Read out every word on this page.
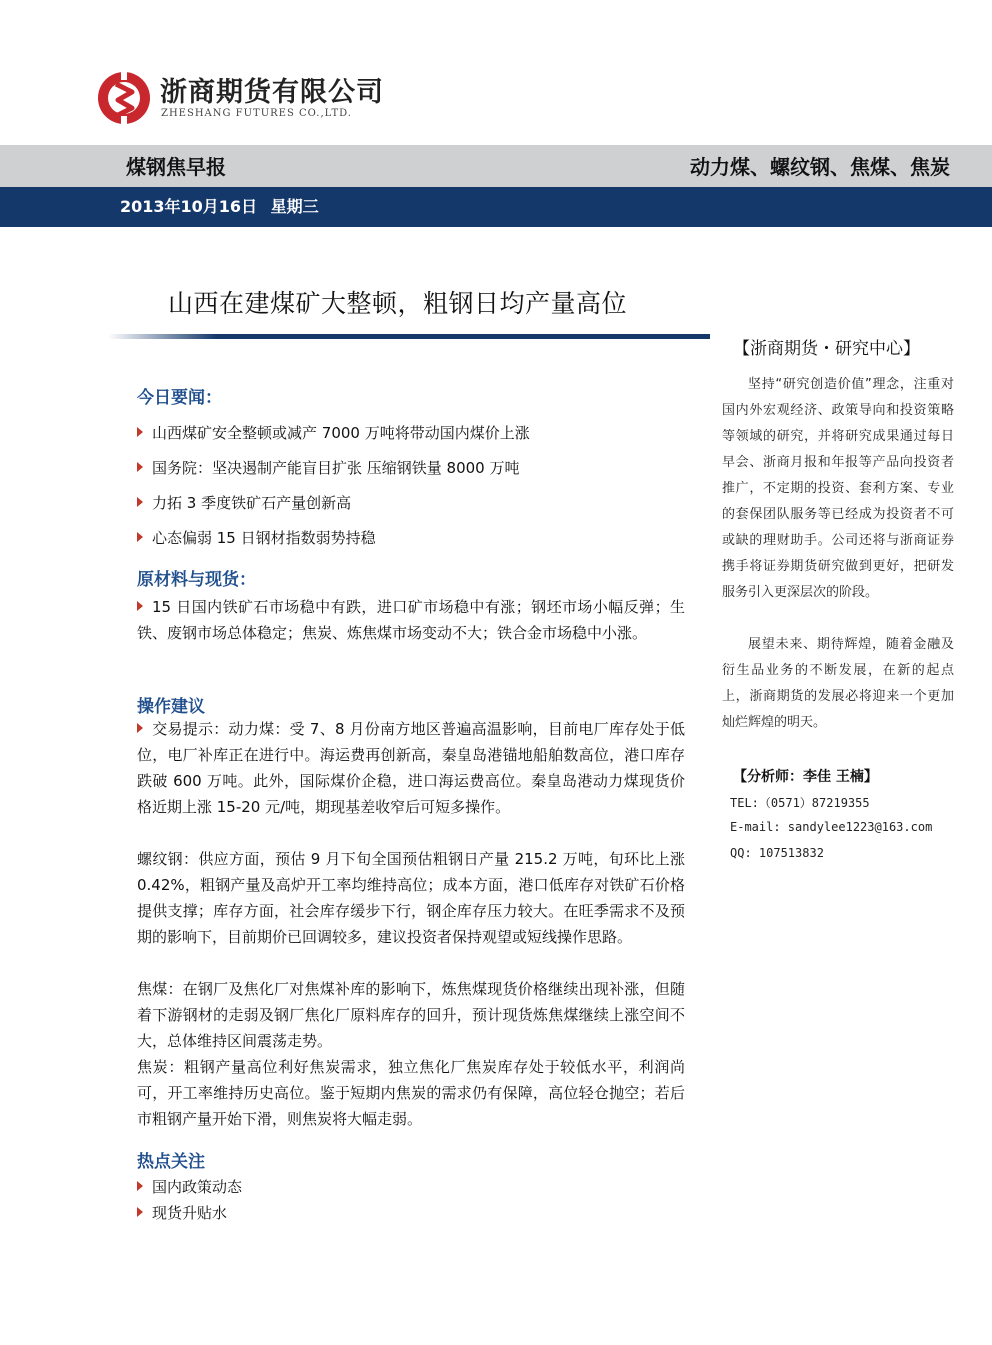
浙商期货有限公司
ZHESHANG FUTURES CO.,LTD.
煤钢焦早报	动力煤、螺纹钢、焦煤、焦炭
2013年10月16日 星期三
山西在建煤矿大整顿，粗钢日均产量高位
今日要闻：
山西煤矿安全整顿或减产 7000 万吨将带动国内煤价上涨
国务院：坚决遏制产能盲目扩张 压缩钢铁量 8000 万吨
力拓 3 季度铁矿石产量创新高
心态偏弱 15 日钢材指数弱势持稳
原材料与现货：
15 日国内铁矿石市场稳中有跌，进口矿市场稳中有涨；钢坯市场小幅反弹；生铁、废钢市场总体稳定；焦炭、炼焦煤市场变动不大；铁合金市场稳中小涨。
操作建议
交易提示：动力煤：受 7、8 月份南方地区普遍高温影响，目前电厂库存处于低位，电厂补库正在进行中。海运费再创新高，秦皇岛港锚地船舶数高位，港口库存跌破 600 万吨。此外，国际煤价企稳，进口海运费高位。秦皇岛港动力煤现货价格近期上涨 15-20 元/吨，期现基差收窄后可短多操作。
螺纹钢：供应方面，预估 9 月下旬全国预估粗钢日产量 215.2 万吨，旬环比上涨 0.42%，粗钢产量及高炉开工率均维持高位；成本方面，港口低库存对铁矿石价格提供支撑；库存方面，社会库存缓步下行，钢企库存压力较大。在旺季需求不及预期的影响下，目前期价已回调较多，建议投资者保持观望或短线操作思路。
焦煤：在钢厂及焦化厂对焦煤补库的影响下，炼焦煤现货价格继续出现补涨，但随着下游钢材的走弱及钢厂焦化厂原料库存的回升，预计现货炼焦煤继续上涨空间不大，总体维持区间震荡走势。
焦炭：粗钢产量高位利好焦炭需求，独立焦化厂焦炭库存处于较低水平，利润尚可，开工率维持历史高位。鉴于短期内焦炭的需求仍有保障，高位轻仓抛空；若后市粗钢产量开始下滑，则焦炭将大幅走弱。
热点关注
国内政策动态
现货升贴水
【浙商期货・研究中心】
坚持“研究创造价值”理念，注重对国内外宏观经济、政策导向和投资策略等领域的研究，并将研究成果通过每日早会、浙商月报和年报等产品向投资者推广，不定期的投资、套利方案、专业的套保团队服务等已经成为投资者不可或缺的理财助手。公司还将与浙商证券携手将证券期货研究做到更好，把研发服务引入更深层次的阶段。
展望未来、期待辉煌，随着金融及衍生品业务的不断发展，在新的起点上，浙商期货的发展必将迎来一个更加灿烂辉煌的明天。
【分析师：李佳 王楠】
TEL:（0571）87219355
E-mail: sandylee1223@163.com
QQ: 107513832
